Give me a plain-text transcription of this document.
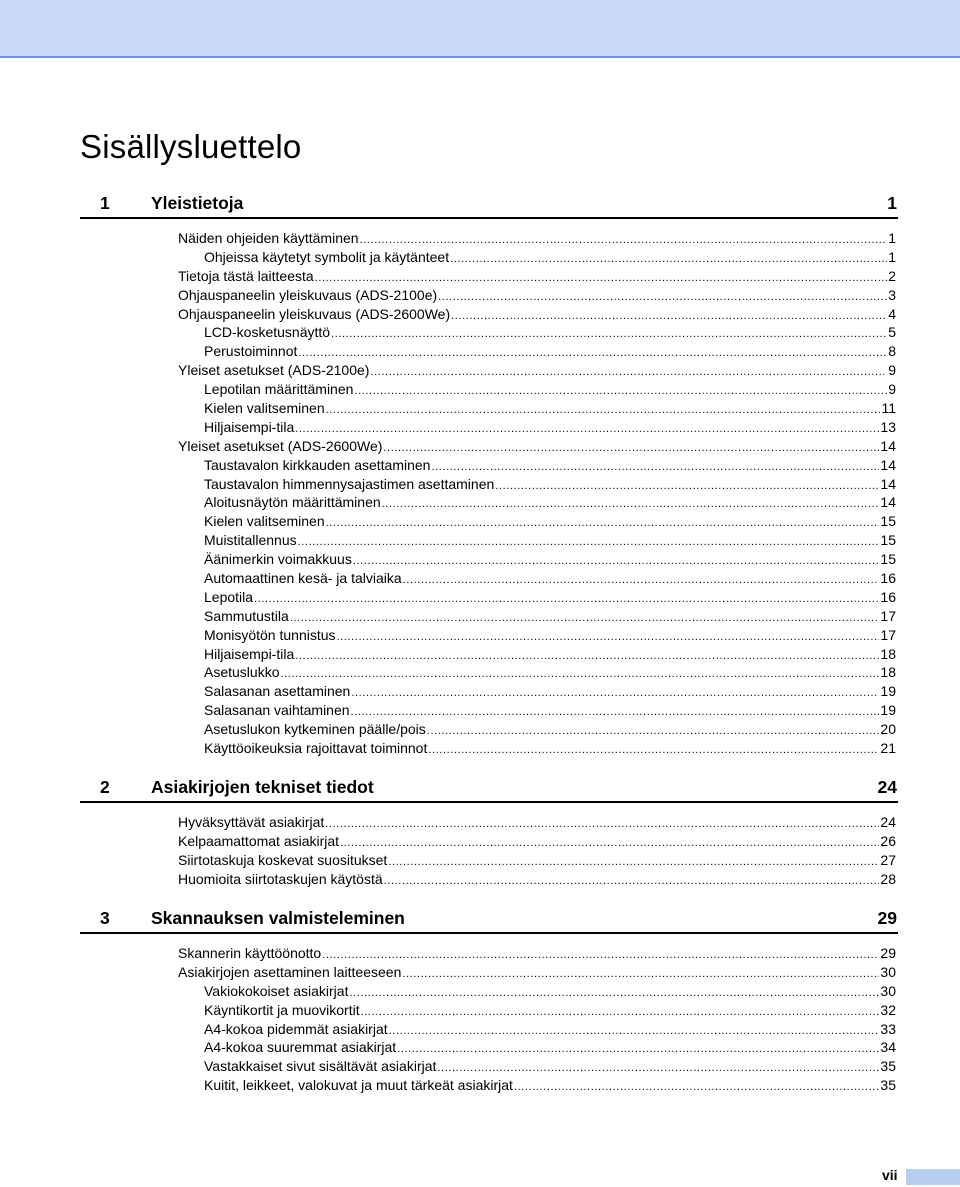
Sisällysluettelo
1 Yleistietoja	1
Näiden ohjeiden käyttäminen .....	1
Ohjeissa käytetyt symbolit ja käytänteet .....	1
Tietoja tästä laitteesta .....	2
Ohjauspaneelin yleiskuvaus (ADS-2100e) .....	3
Ohjauspaneelin yleiskuvaus (ADS-2600We) .....	4
LCD-kosketusnäyttö .....	5
Perustoiminnot .....	8
Yleiset asetukset (ADS-2100e) .....	9
Lepotilan määrittäminen .....	9
Kielen valitseminen .....	11
Hiljaisempi-tila .....	13
Yleiset asetukset (ADS-2600We) .....	14
Taustavalon kirkkauden asettaminen .....	14
Taustavalon himmennysajastimen asettaminen .....	14
Aloitusnäytön määrittäminen .....	14
Kielen valitseminen .....	15
Muistitallennus .....	15
Äänimerkin voimakkuus .....	15
Automaattinen kesä- ja talviaika .....	16
Lepotila .....	16
Sammutustila .....	17
Monisyötön tunnistus .....	17
Hiljaisempi-tila .....	18
Asetuslukko .....	18
Salasanan asettaminen .....	19
Salasanan vaihtaminen .....	19
Asetuslukon kytkeminen päälle/pois .....	20
Käyttöoikeuksia rajoittavat toiminnot .....	21
2 Asiakirjojen tekniset tiedot	24
Hyväksyttävät asiakirjat .....	24
Kelpaamattomat asiakirjat .....	26
Siirtotaskuja koskevat suositukset .....	27
Huomioita siirtotaskujen käytöstä .....	28
3 Skannauksen valmisteleminen	29
Skannerin käyttöönotto .....	29
Asiakirjojen asettaminen laitteeseen .....	30
Vakiokokoiset asiakirjat .....	30
Käyntikortit ja muovikortit .....	32
A4-kokoa pidemmät asiakirjat .....	33
A4-kokoa suuremmat asiakirjat .....	34
Vastakkaiset sivut sisältävät asiakirjat .....	35
Kuitit, leikkeet, valokuvat ja muut tärkeät asiakirjat .....	35
vii
